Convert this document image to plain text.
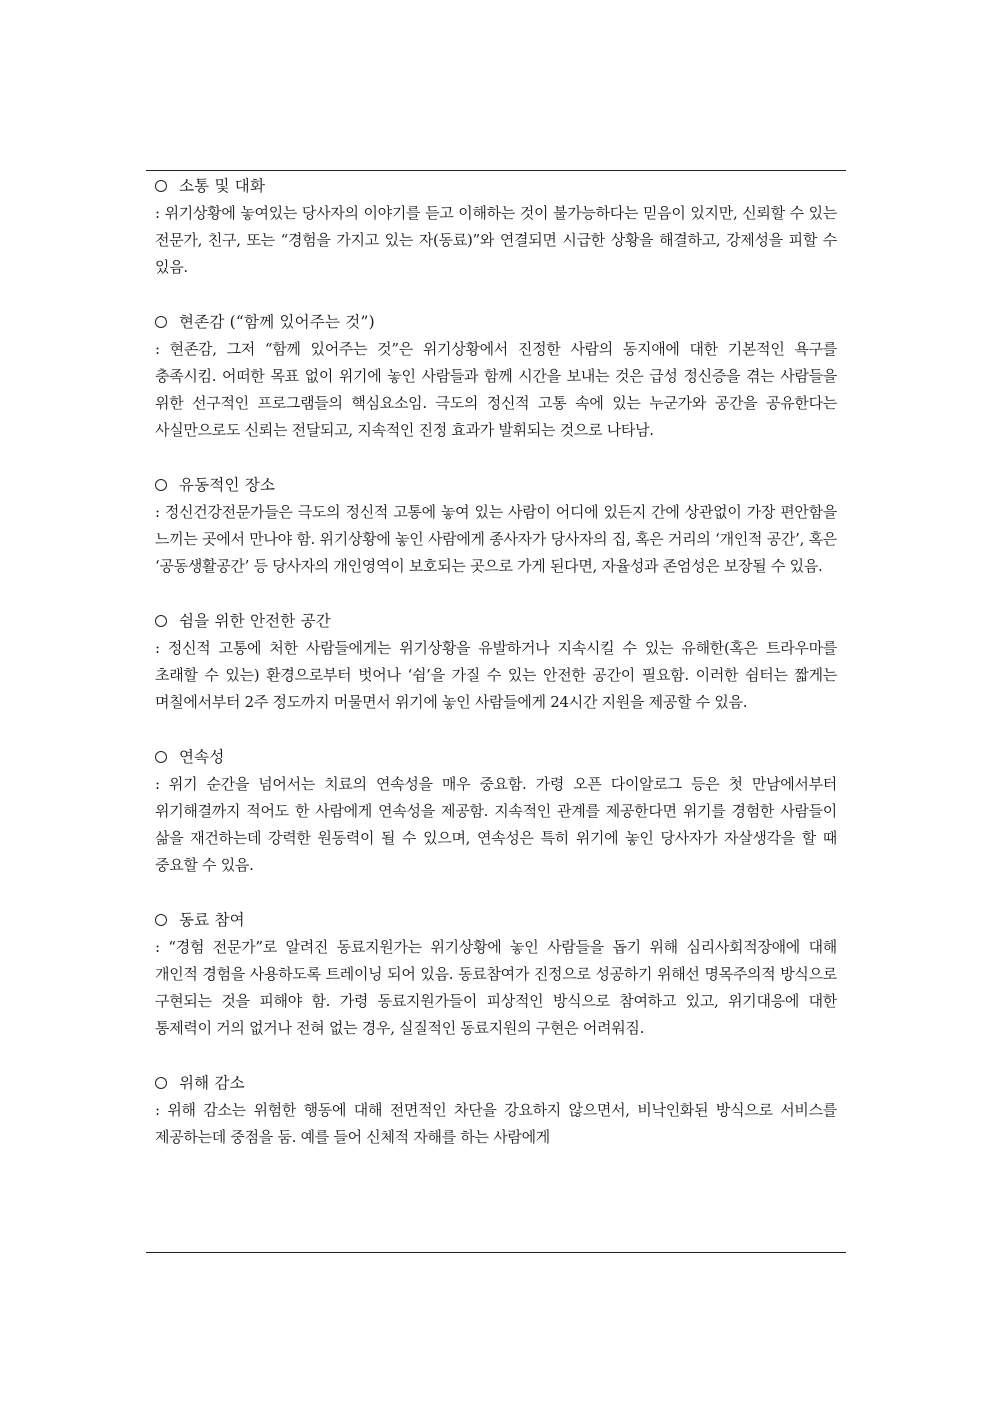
소통 및 대화
: 위기상황에 놓여있는 당사자의 이야기를 듣고 이해하는 것이 불가능하다는 믿음이 있지만, 신뢰할 수 있는 전문가, 친구, 또는 “경험을 가지고 있는 자(동료)”와 연결되면 시급한 상황을 해결하고, 강제성을 피할 수 있음.
현존감 (“함께 있어주는 것”)
: 현존감, 그저 “함께 있어주는 것”은 위기상황에서 진정한 사람의 동지애에 대한 기본적인 욕구를 충족시킴. 어떠한 목표 없이 위기에 놓인 사람들과 함께 시간을 보내는 것은 급성 정신증을 겪는 사람들을 위한 선구적인 프로그램들의 핵심요소임. 극도의 정신적 고통 속에 있는 누군가와 공간을 공유한다는 사실만으로도 신뢰는 전달되고, 지속적인 진정 효과가 발휘되는 것으로 나타남.
유동적인 장소
: 정신건강전문가들은 극도의 정신적 고통에 놓여 있는 사람이 어디에 있든지 간에 상관없이 가장 편안함을 느끼는 곳에서 만나야 함. 위기상황에 놓인 사람에게 종사자가 당사자의 집, 혹은 거리의 ‘개인적 공간’, 혹은 ‘공동생활공간’ 등 당사자의 개인영역이 보호되는 곳으로 가게 된다면, 자율성과 존엄성은 보장될 수 있음.
쉼을 위한 안전한 공간
: 정신적 고통에 처한 사람들에게는 위기상황을 유발하거나 지속시킬 수 있는 유해한(혹은 트라우마를 초래할 수 있는) 환경으로부터 벗어나 ‘쉼’을 가질 수 있는 안전한 공간이 필요함. 이러한 쉼터는 짧게는 며칠에서부터 2주 정도까지 머물면서 위기에 놓인 사람들에게 24시간 지원을 제공할 수 있음.
연속성
: 위기 순간을 넘어서는 치료의 연속성을 매우 중요함. 가령 오픈 다이알로그 등은 첫 만남에서부터 위기해결까지 적어도 한 사람에게 연속성을 제공함. 지속적인 관계를 제공한다면 위기를 경험한 사람들이 삶을 재건하는데 강력한 원동력이 될 수 있으며, 연속성은 특히 위기에 놓인 당사자가 자살생각을 할 때 중요할 수 있음.
동료 참여
: “경험 전문가”로 알려진 동료지원가는 위기상황에 놓인 사람들을 돕기 위해 심리사회적장애에 대해 개인적 경험을 사용하도록 트레이닝 되어 있음. 동료참여가 진정으로 성공하기 위해선 명목주의적 방식으로 구현되는 것을 피해야 함. 가령 동료지원가들이 피상적인 방식으로 참여하고 있고, 위기대응에 대한 통제력이 거의 없거나 전혀 없는 경우, 실질적인 동료지원의 구현은 어려워짐.
위해 감소
: 위해 감소는 위험한 행동에 대해 전면적인 차단을 강요하지 않으면서, 비낙인화된 방식으로 서비스를 제공하는데 중점을 둠. 예를 들어 신체적 자해를 하는 사람에게
